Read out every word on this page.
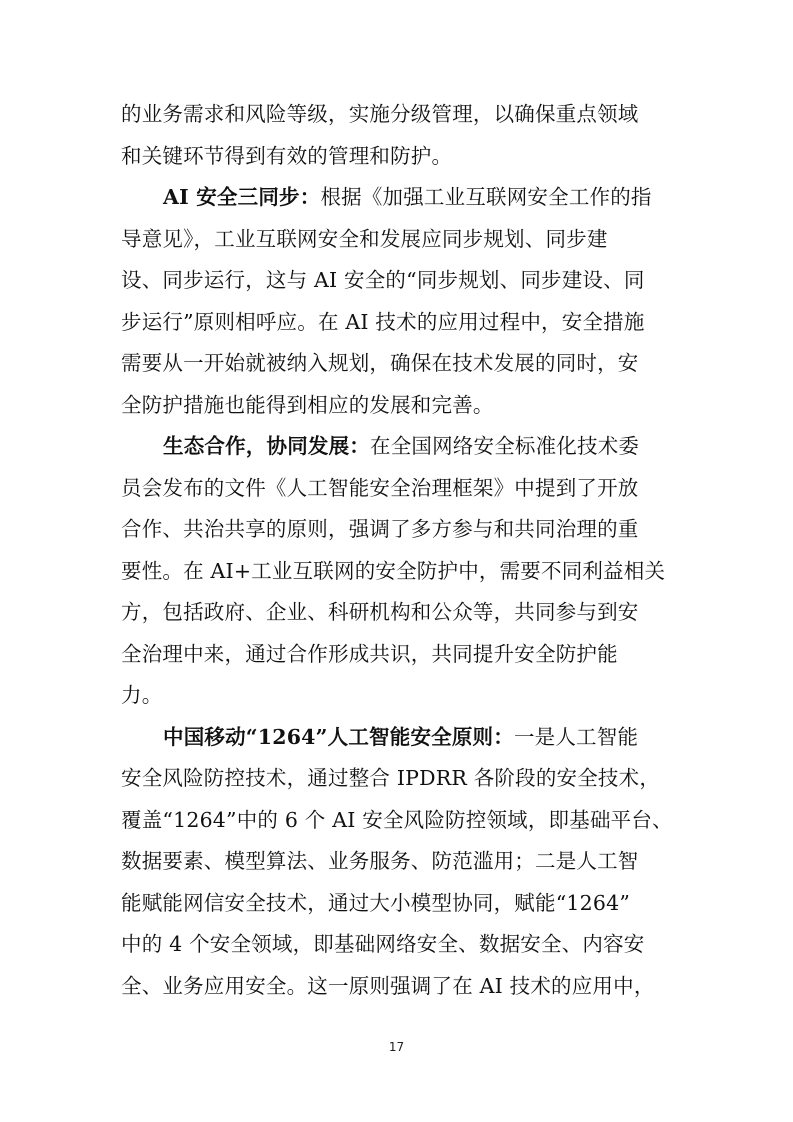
的业务需求和风险等级，实施分级管理，以确保重点领域
和关键环节得到有效的管理和防护。
AI 安全三同步：根据《加强工业互联网安全工作的指
导意见》，工业互联网安全和发展应同步规划、同步建
设、同步运行，这与 AI 安全的“同步规划、同步建设、同
步运行”原则相呼应。在 AI 技术的应用过程中，安全措施
需要从一开始就被纳入规划，确保在技术发展的同时，安
全防护措施也能得到相应的发展和完善。
生态合作，协同发展：在全国网络安全标准化技术委
员会发布的文件《人工智能安全治理框架》中提到了开放
合作、共治共享的原则，强调了多方参与和共同治理的重
要性。在 AI+工业互联网的安全防护中，需要不同利益相关
方，包括政府、企业、科研机构和公众等，共同参与到安
全治理中来，通过合作形成共识，共同提升安全防护能
力。
中国移动“1264”人工智能安全原则：一是人工智能
安全风险防控技术，通过整合 IPDRR 各阶段的安全技术，
覆盖“1264”中的 6 个 AI 安全风险防控领域，即基础平台、
数据要素、模型算法、业务服务、防范滥用；二是人工智
能赋能网信安全技术，通过大小模型协同，赋能“1264”
中的 4 个安全领域，即基础网络安全、数据安全、内容安
全、业务应用安全。这一原则强调了在 AI 技术的应用中，
17
